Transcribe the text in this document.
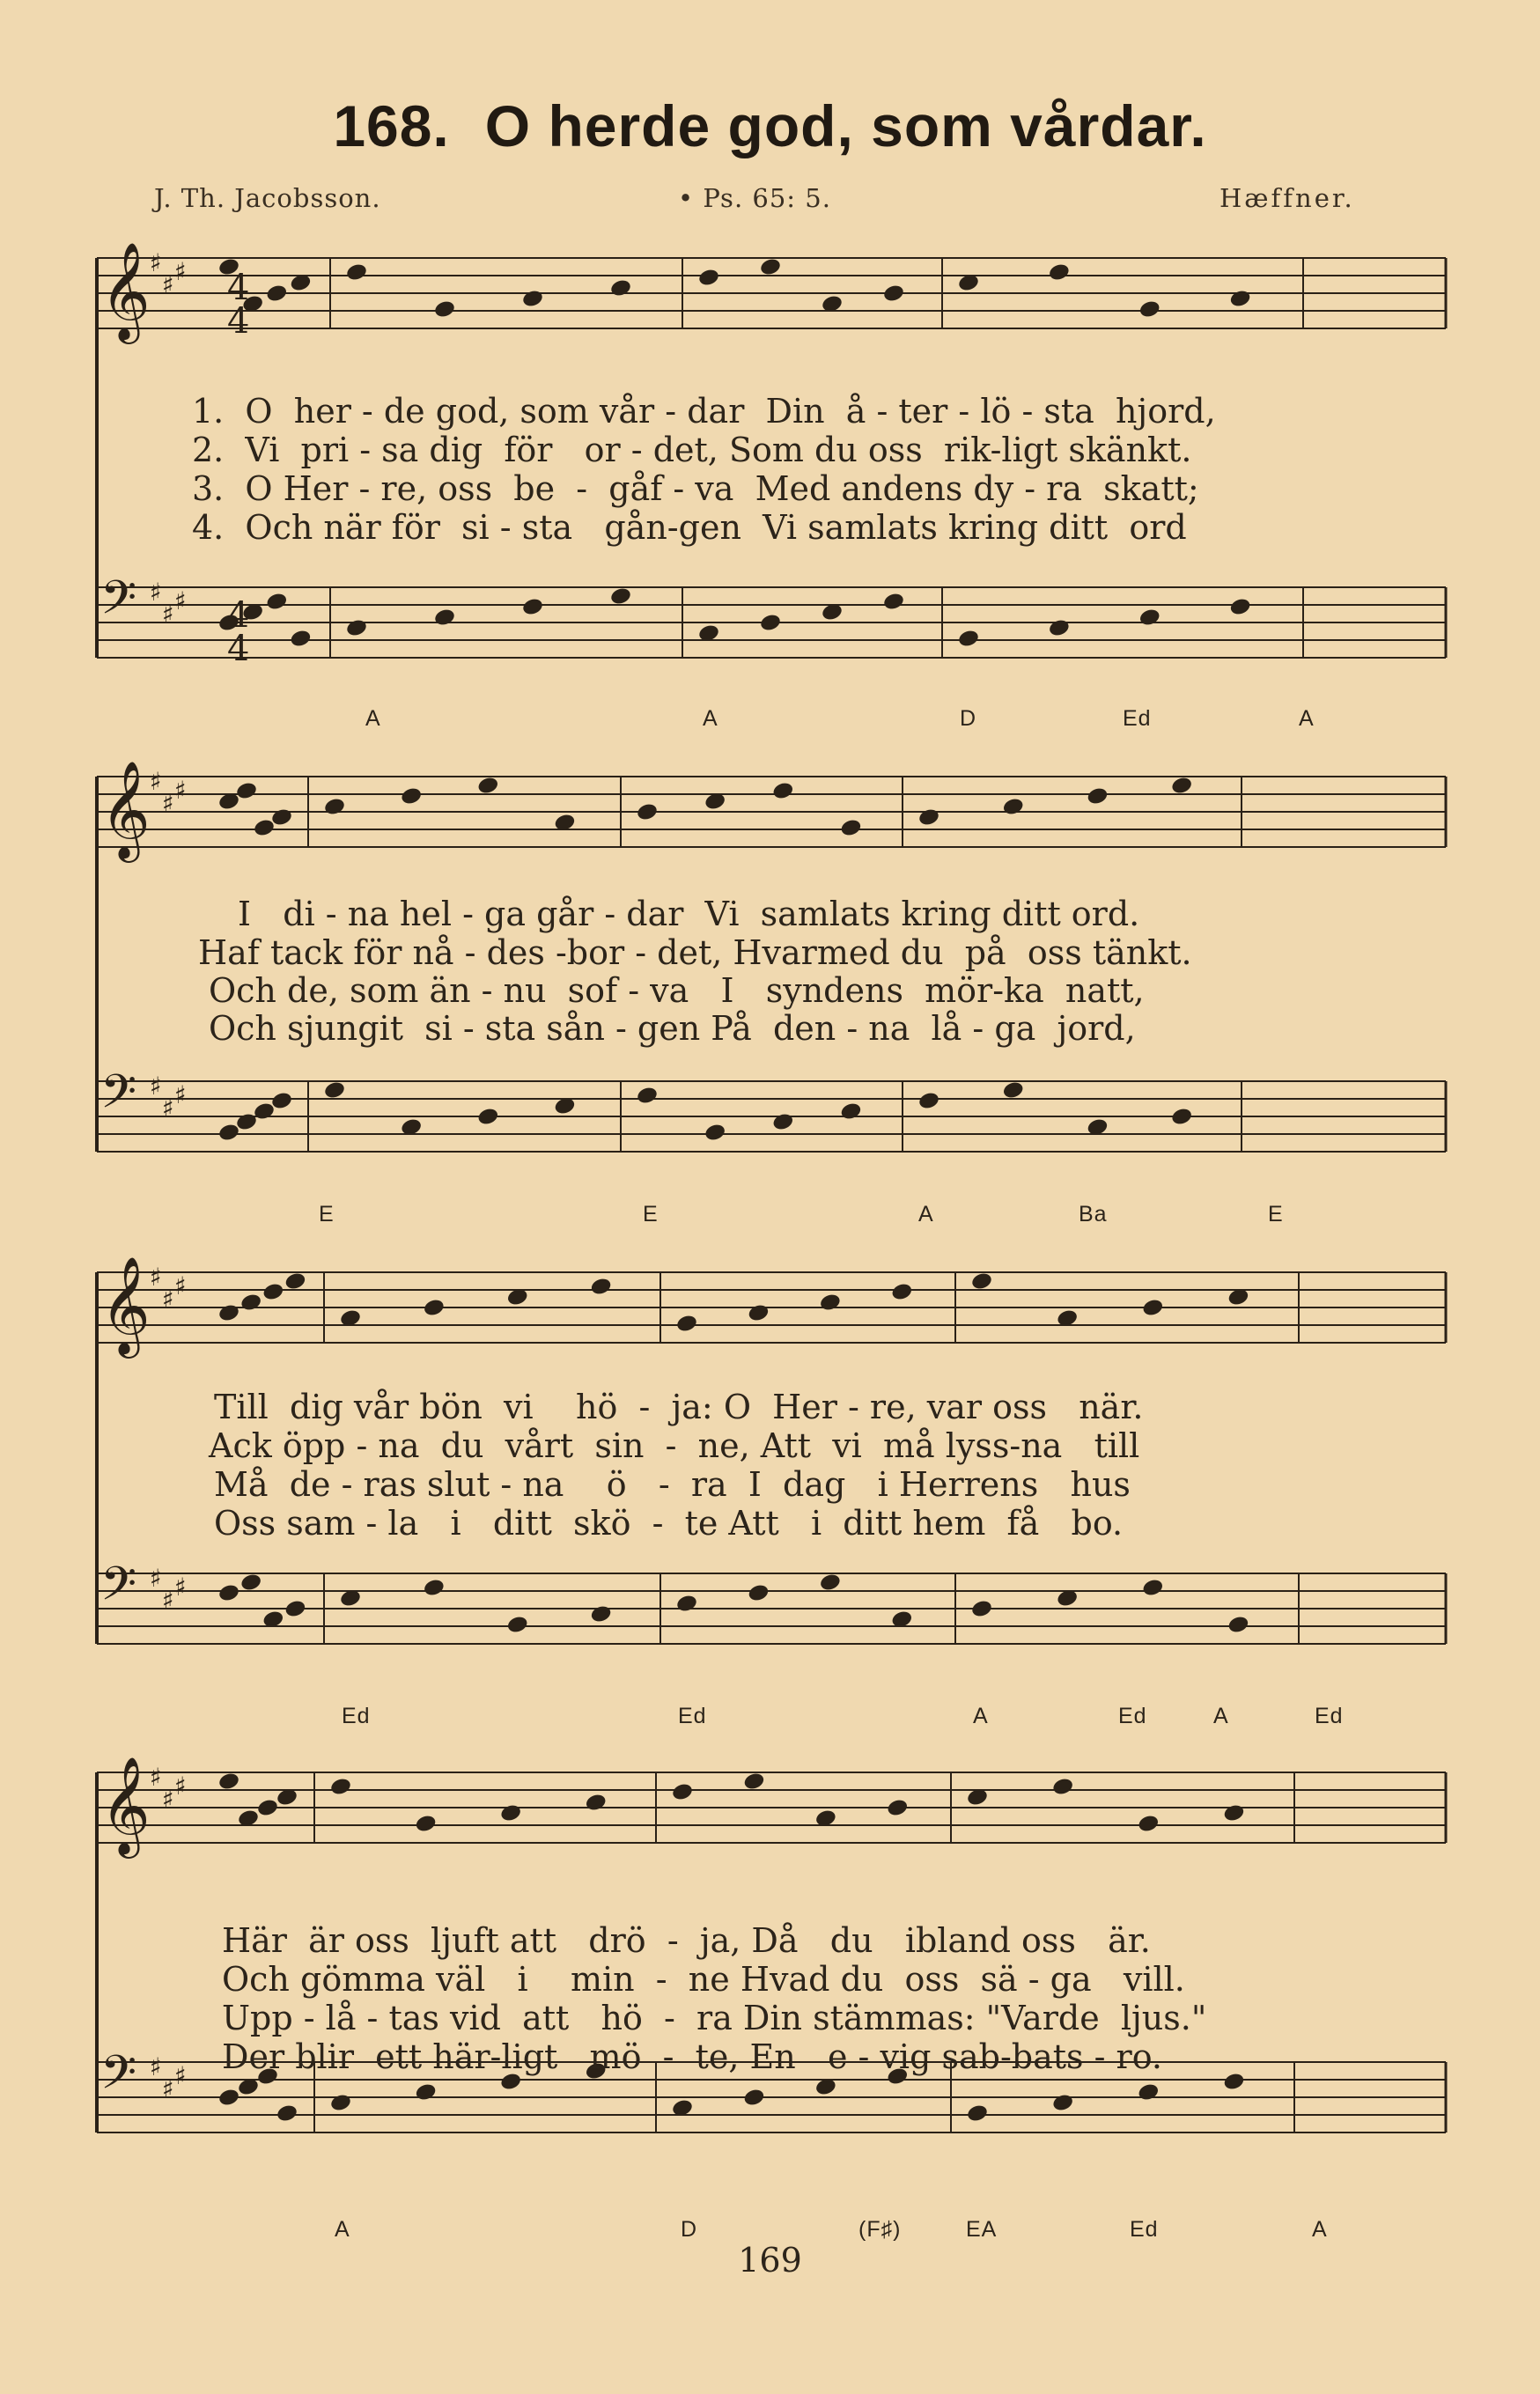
168. O herde god, som vårdar.
J. Th. Jacobsson.	• Ps. 65: 5.	Hæffner.
𝄞 ♯
♯ ♯
𝄢 ♯
♯ ♯
𝄞 ♯
♯ ♯
𝄢 ♯
♯ ♯
𝄞 ♯
♯ ♯
𝄢 ♯
♯ ♯
𝄞 ♯
♯ ♯
𝄢 ♯
♯ ♯
4
4
4
4
1.  O  her - de god, som vår - dar  Din  å - ter - lö - sta  hjord,
2.  Vi  pri - sa dig  för   or - det, Som du oss  rik-ligt skänkt.
3.  O Her - re, oss  be  -  gåf - va  Med andens dy - ra  skatt;
4.  Och när för  si - sta   gån-gen  Vi samlats kring ditt  ord
A	A	D	Ed	A
I   di - na hel - ga går - dar  Vi  samlats kring ditt ord.
Haf tack för nå - des -bor - det, Hvarmed du  på  oss tänkt.
Och de, som än - nu  sof - va   I   syndens  mör-ka  natt,
Och sjungit  si - sta sån - gen På  den - na  lå - ga  jord,
E	E	A	Ba	E
Till  dig vår bön  vi    hö  -  ja: O  Her - re, var oss   när.
Ack öpp - na  du  vårt  sin  -  ne, Att  vi  må lyss-na   till
Må  de - ras slut - na    ö   -  ra  I  dag   i Herrens   hus
Oss sam - la   i   ditt  skö  -  te Att   i  ditt hem  få   bo.
Ed	Ed	A	Ed	A	Ed
Här  är oss  ljuft att   drö  -  ja, Då   du   ibland oss   är.
Och gömma väl   i    min  -  ne Hvad du  oss  sä - ga   vill.
Upp - lå - tas vid  att   hö  -  ra Din stämmas: "Varde  ljus."
Der blir  ett här-ligt   mö  -  te, En   e - vig sab-bats - ro.
A	D	(F♯)	EA	Ed	A
169
